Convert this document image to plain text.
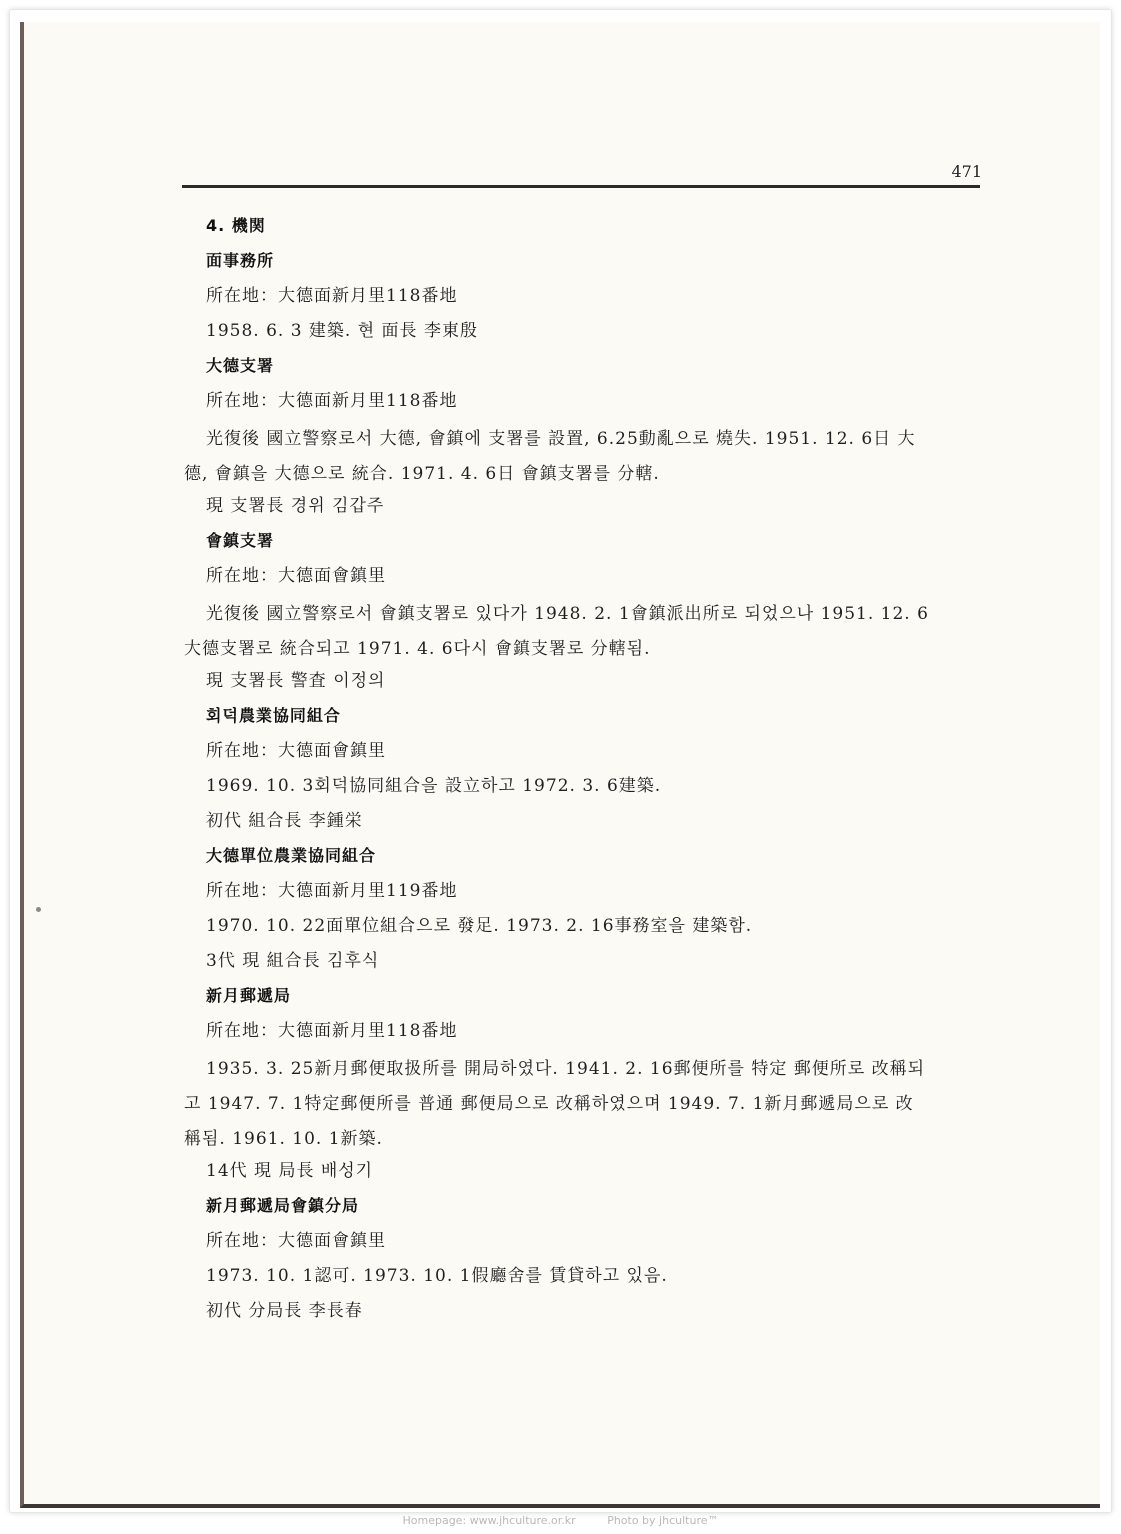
471
4. 機関
面事務所
所在地：大德面新月里118番地
1958. 6. 3 建築. 현 面長 李東殷
大德支署
所在地：大德面新月里118番地
光復後 國立警察로서 大德, 會鎮에 支署를 設置, 6.25動亂으로 燒失. 1951. 12. 6日 大
德, 會鎮을 大德으로 統合. 1971. 4. 6日 會鎮支署를 分轄.
現 支署長 경위 김갑주
會鎮支署
所在地：大德面會鎮里
光復後 國立警察로서 會鎮支署로 있다가 1948. 2. 1會鎮派出所로 되었으나 1951. 12. 6
大德支署로 統合되고 1971. 4. 6다시 會鎮支署로 分轄됨.
現 支署長 警査 이정의
회덕農業協同組合
所在地：大德面會鎮里
1969. 10. 3회덕協同組合을 設立하고 1972. 3. 6建築.
初代 組合長 李鍾栄
大德單位農業協同組合
所在地：大德面新月里119番地
1970. 10. 22面單位組合으로 發足. 1973. 2. 16事務室을 建築함.
3代 現 組合長 김후식
新月郵遞局
所在地：大德面新月里118番地
1935. 3. 25新月郵便取扱所를 開局하였다. 1941. 2. 16郵便所를 特定 郵便所로 改稱되
고 1947. 7. 1特定郵便所를 普通 郵便局으로 改稱하였으며 1949. 7. 1新月郵遞局으로 改
稱됨. 1961. 10. 1新築.
14代 現 局長 배성기
新月郵遞局會鎮分局
所在地：大德面會鎮里
1973. 10. 1認可. 1973. 10. 1假廳舍를 賃貸하고 있음.
初代 分局長 李長春
Homepage: www.jhculture.or.kr	Photo by jhculture™
